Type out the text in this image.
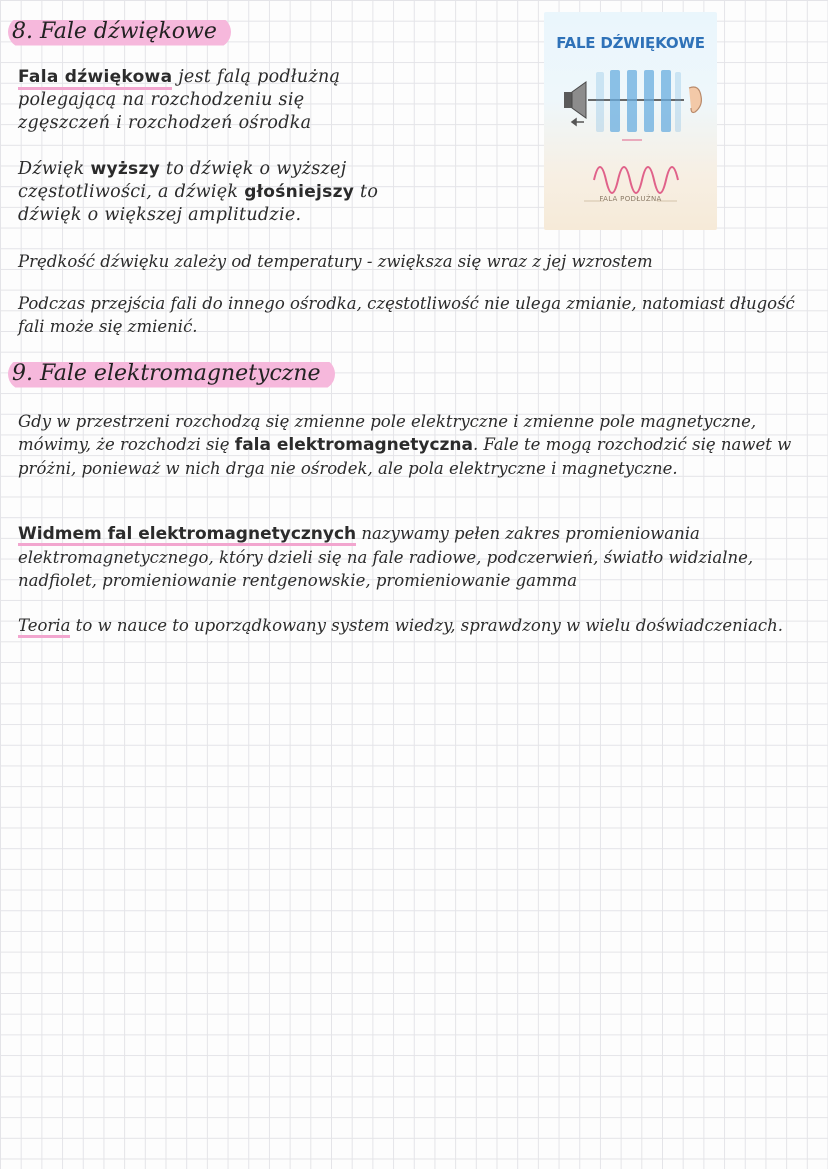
8. Fale dźwiękowe

Fala dźwiękowa jest falą podłużną polegającą na rozchodzeniu się zgęszczeń i rozchodzeń ośrodka

Dźwięk wyższy to dźwięk o wyższej częstotliwości, a dźwięk głośniejszy to dźwięk o większej amplitudzie.

Prędkość dźwięku zależy od temperatury - zwiększa się wraz z jej wzrostem

Podczas przejścia fali do innego ośrodka, częstotliwość nie ulega zmianie, natomiast długość fali może się zmienić.

FALE DŹWIĘKOWE
FALA PODŁUŻNA
9. Fale elektromagnetyczne

Gdy w przestrzeni rozchodzą się zmienne pole elektryczne i zmienne pole magnetyczne, mówimy, że rozchodzi się fala elektromagnetyczna. Fale te mogą rozchodzić się nawet w próżni, ponieważ w nich drga nie ośrodek, ale pola elektryczne i magnetyczne.

Widmem fal elektromagnetycznych nazywamy pełen zakres promieniowania elektromagnetycznego, który dzieli się na fale radiowe, podczerwień, światło widzialne, nadfiolet, promieniowanie rentgenowskie, promieniowanie gamma

Teoria to w nauce to uporządkowany system wiedzy, sprawdzony w wielu doświadczeniach.
